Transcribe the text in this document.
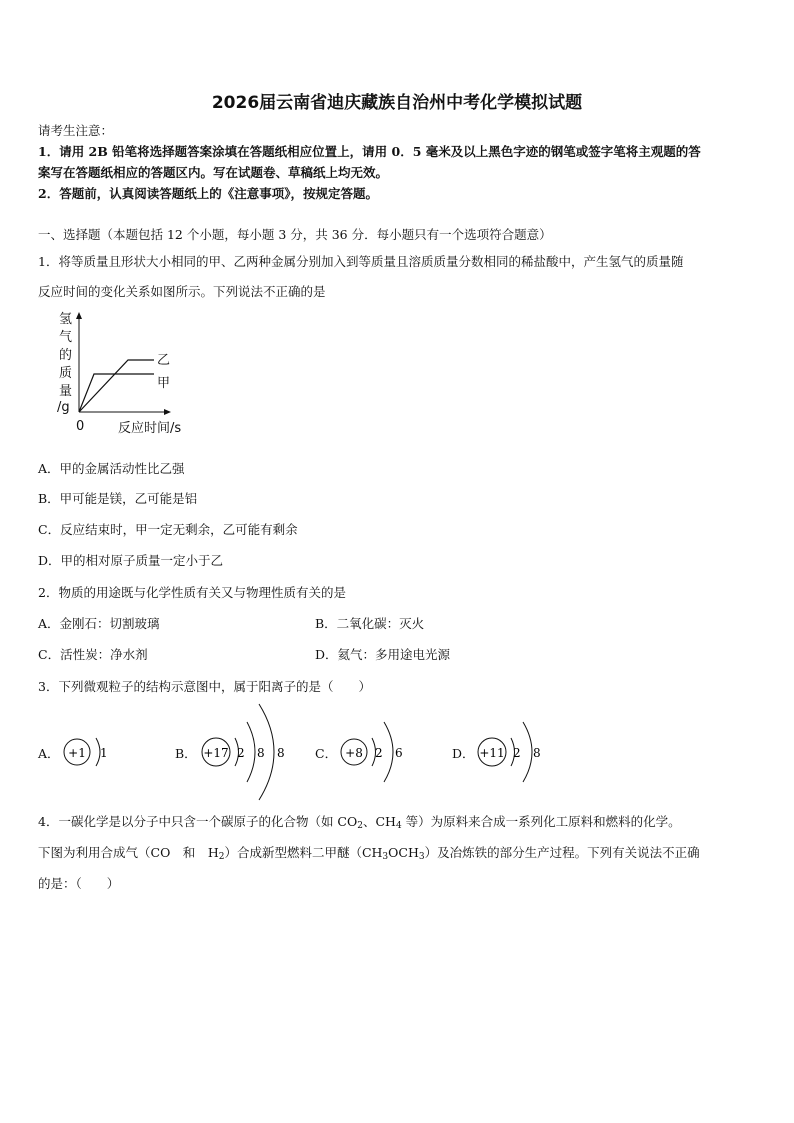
2026届云南省迪庆藏族自治州中考化学模拟试题
请考生注意：
1．请用 2B 铅笔将选择题答案涂填在答题纸相应位置上，请用 0．5 毫米及以上黑色字迹的钢笔或签字笔将主观题的答
案写在答题纸相应的答题区内。写在试题卷、草稿纸上均无效。
2．答题前，认真阅读答题纸上的《注意事项》，按规定答题。
一、选择题（本题包括 12 个小题，每小题 3 分，共 36 分．每小题只有一个选项符合题意）
1．将等质量且形状大小相同的甲、乙两种金属分别加入到等质量且溶质质量分数相同的稀盐酸中，产生氢气的质量随
反应时间的变化关系如图所示。下列说法不正确的是
氢
气
的
质
量
/g
0	反应时间/s
乙
甲
A．甲的金属活动性比乙强
B．甲可能是镁，乙可能是铝
C．反应结束时，甲一定无剩余，乙可能有剩余
D．甲的相对原子质量一定小于乙
2．物质的用途既与化学性质有关又与物理性质有关的是
A．金刚石：切割玻璃	B．二氧化碳：灭火
C．活性炭：净水剂	D．氦气：多用途电光源
3．下列微观粒子的结构示意图中，属于阳离子的是（　　）
A． +1 1	B． +17 2 8 8 C． +8 2 6	D． +11 2 8
4．一碳化学是以分子中只含一个碳原子的化合物（如 $CO_2$、$CH_4$ 等）为原料来合成一系列化工原料和燃料的化学。
下图为利用合成气（CO　和　$H_2$）合成新型燃料二甲醚$(CH_3OCH_3)$及冶炼铁的部分生产过程。下列有关说法不正确
的是：（　　）
